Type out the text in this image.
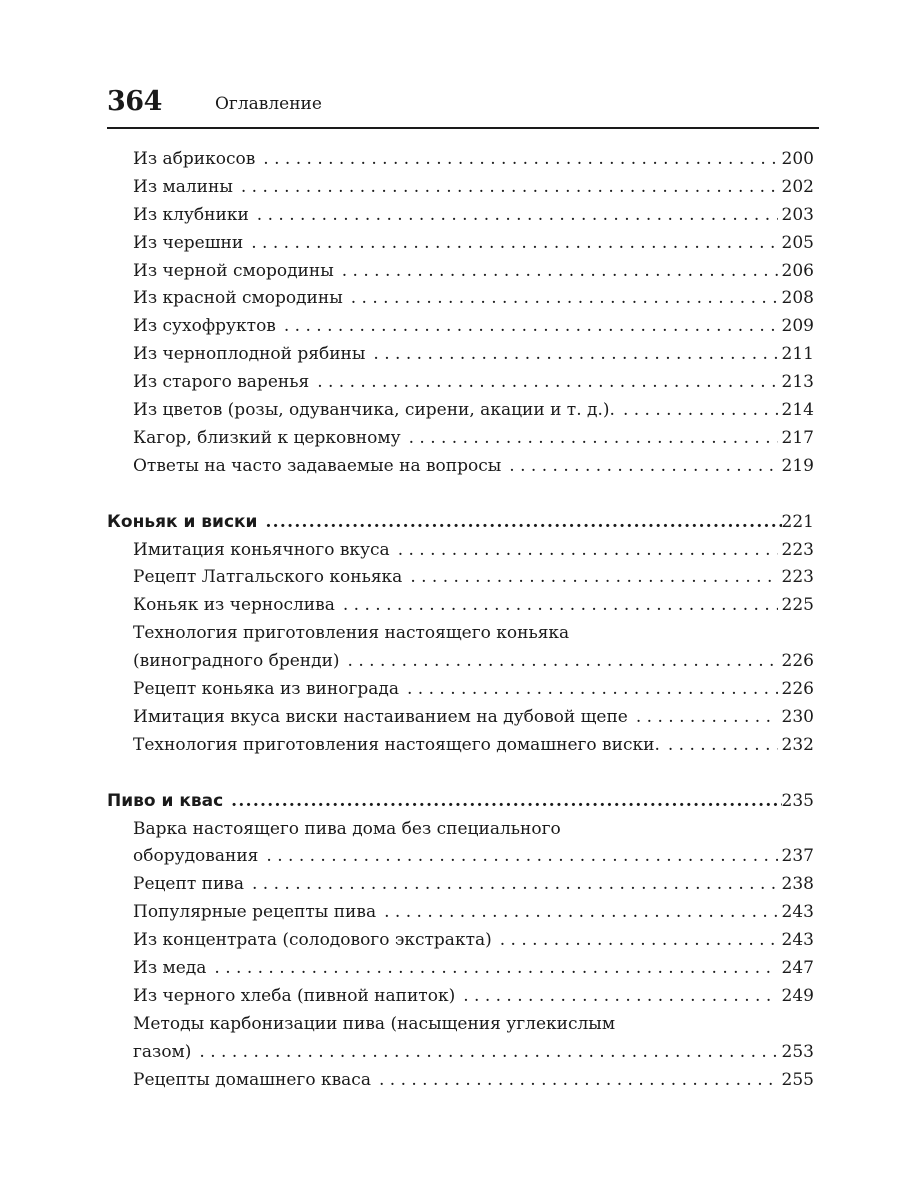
364	Оглавление
Из абрикосов . . .	200
Из малины . . .	202
Из клубники . . .	203
Из черешни . . .	205
Из черной смородины . . .	206
Из красной смородины . . .	208
Из сухофруктов . . .	209
Из черноплодной рябины . . .	211
Из старого варенья . . .	213
Из цветов (розы, одуванчика, сирени, акации и т. д.). . . .	214
Кагор, близкий к церковному . . .	217
Ответы на часто задаваемые на вопросы . . .	219
Коньяк и виски .....	221
Имитация коньячного вкуса . . .	223
Рецепт Латгальского коньяка . . .	223
Коньяк из чернослива . . .	225
Технология приготовления настоящего коньяка
(виноградного бренди) . . .	226
Рецепт коньяка из винограда . . .	226
Имитация вкуса виски настаиванием на дубовой щепе . . .	230
Технология приготовления настоящего домашнего виски. . . .	232
Пиво и квас .....	235
Варка настоящего пива дома без специального
оборудования . . .	237
Рецепт пива . . .	238
Популярные рецепты пива . . .	243
Из концентрата (солодового экстракта) . . .	243
Из меда . . .	247
Из черного хлеба (пивной напиток) . . .	249
Методы карбонизации пива (насыщения углекислым
газом) . . .	253
Рецепты домашнего кваса . . .	255
